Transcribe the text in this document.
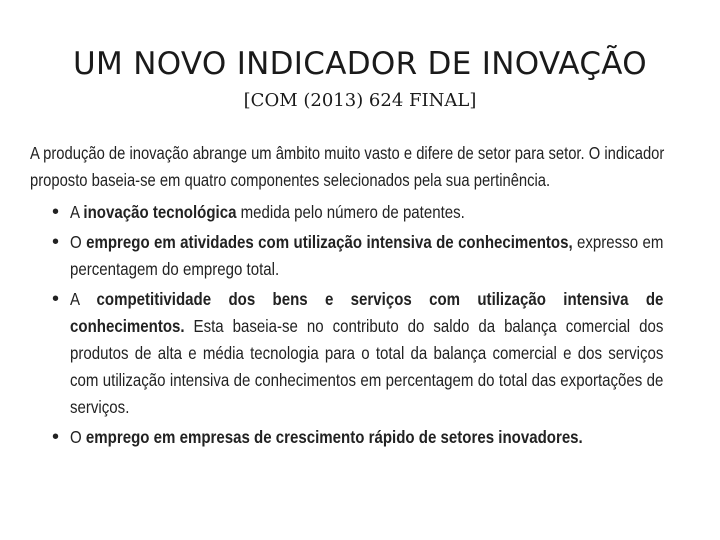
UM NOVO INDICADOR DE INOVAÇÃO
[COM (2013) 624 FINAL]

A produção de inovação abrange um âmbito muito vasto e difere de setor para setor. O indicador proposto baseia-se em quatro componentes selecionados pela sua pertinência.

• A inovação tecnológica medida pelo número de patentes.
• O emprego em atividades com utilização intensiva de conhecimentos, expresso em percentagem do emprego total.
• A competitividade dos bens e serviços com utilização intensiva de conhecimentos. Esta baseia-se no contributo do saldo da balança comercial dos produtos de alta e média tecnologia para o total da balança comercial e dos serviços com utilização intensiva de conhecimentos em percentagem do total das exportações de serviços.
• O emprego em empresas de crescimento rápido de setores inovadores.
